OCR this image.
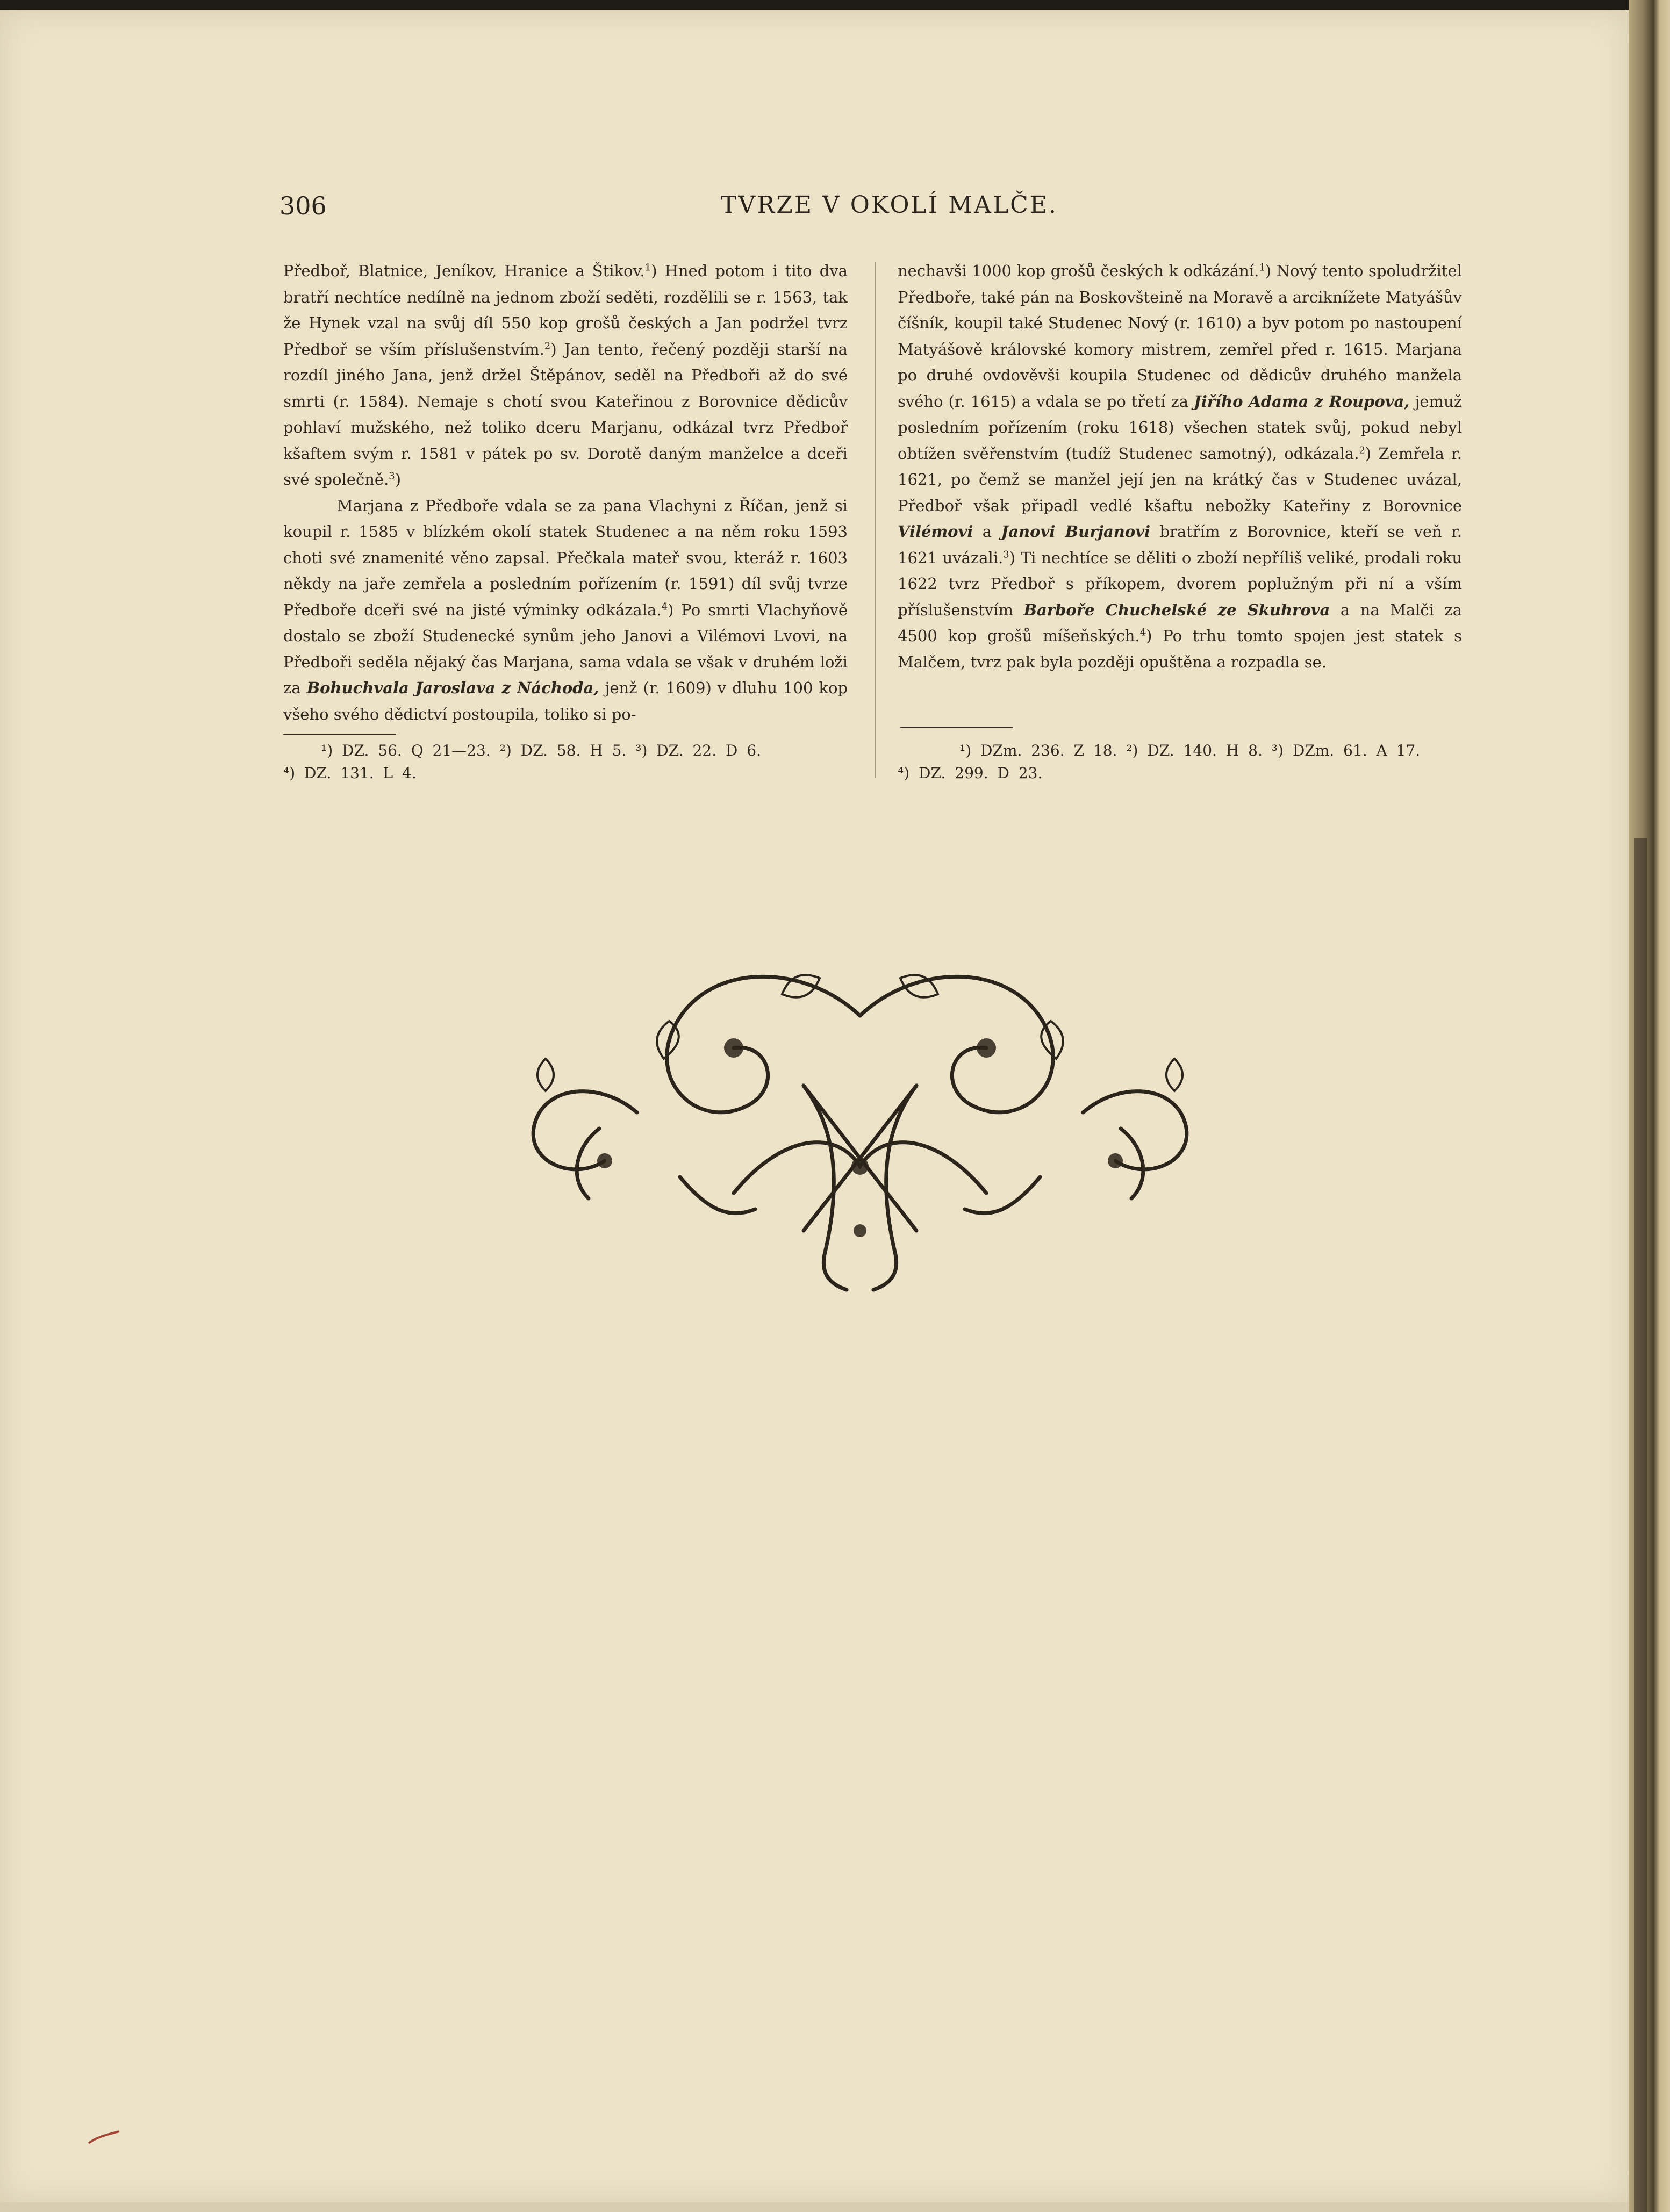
306	TVRZE V OKOLÍ MALČE.

Předboř, Blatnice, Jeníkov, Hranice a Štikov.$^1$) Hned potom i tito dva bratří nechtíce nedílně na jednom zboží seděti, rozdělili se r. 1563, tak že Hynek vzal na svůj díl 550 kop grošů českých a Jan podržel tvrz Předboř se vším příslušenstvím.$^2$) Jan tento, řečený později starší na rozdíl jiného Jana, jenž držel Štěpánov, seděl na Předboři až do své smrti (r. 1584). Nemaje s chotí svou Kateřinou z Borovnice dědicův pohlaví mužského, než toliko dceru Marjanu, odkázal tvrz Předboř kšaftem svým r. 1581 v pátek po sv. Dorotě daným manželce a dceři své společně.$^3$)

Marjana z Předboře vdala se za pana Vlachyni z Říčan, jenž si koupil r. 1585 v blízkém okolí statek Studenec a na něm roku 1593 choti své znamenité věno zapsal. Přečkala mateř svou, kteráž r. 1603 někdy na jaře zemřela a posledním pořízením (r. 1591) díl svůj tvrze Předboře dceři své na jisté výminky odkázala.$^4$) Po smrti Vlachyňově dostalo se zboží Studenecké synům jeho Janovi a Vilémovi Lvovi, na Předboři seděla nějaký čas Marjana, sama vdala se však v druhém loži za Bohuchvala Jaroslava z Náchoda, jenž (r. 1609) v dluhu 100 kop všeho svého dědictví postoupila, toliko si po-

¹) DZ. 56. Q 21—23. ²) DZ. 58. H 5. ³) DZ. 22. D 6.
⁴) DZ. 131. L 4.

nechavši 1000 kop grošů českých k odkázání.$^1$) Nový tento spoludržitel Předboře, také pán na Boskovšteině na Moravě a arciknížete Matyášův číšník, koupil také Studenec Nový (r. 1610) a byv potom po nastoupení Matyášově královské komory mistrem, zemřel před r. 1615. Marjana po druhé ovdověvši koupila Studenec od dědicův druhého manžela svého (r. 1615) a vdala se po třetí za Jiřího Adama z Roupova, jemuž posledním pořízením (roku 1618) všechen statek svůj, pokud nebyl obtížen svěřenstvím (tudíž Studenec samotný), odkázala.$^2$) Zemřela r. 1621, po čemž se manžel její jen na krátký čas v Studenec uvázal, Předboř však připadl vedlé kšaftu nebožky Kateřiny z Borovnice Vilémovi a Janovi Burjanovi bratřím z Borovnice, kteří se veň r. 1621 uvázali.$^3$) Ti nechtíce se děliti o zboží nepříliš veliké, prodali roku 1622 tvrz Předboř s příkopem, dvorem poplužným při ní a vším příslušenstvím Barboře Chuchelské ze Skuhrova a na Malči za 4500 kop grošů míšeňských.$^4$) Po trhu tomto spojen jest statek s Malčem, tvrz pak byla později opuštěna a rozpadla se.

¹) DZm. 236. Z 18. ²) DZ. 140. H 8. ³) DZm. 61. A 17.
⁴) DZ. 299. D 23.
